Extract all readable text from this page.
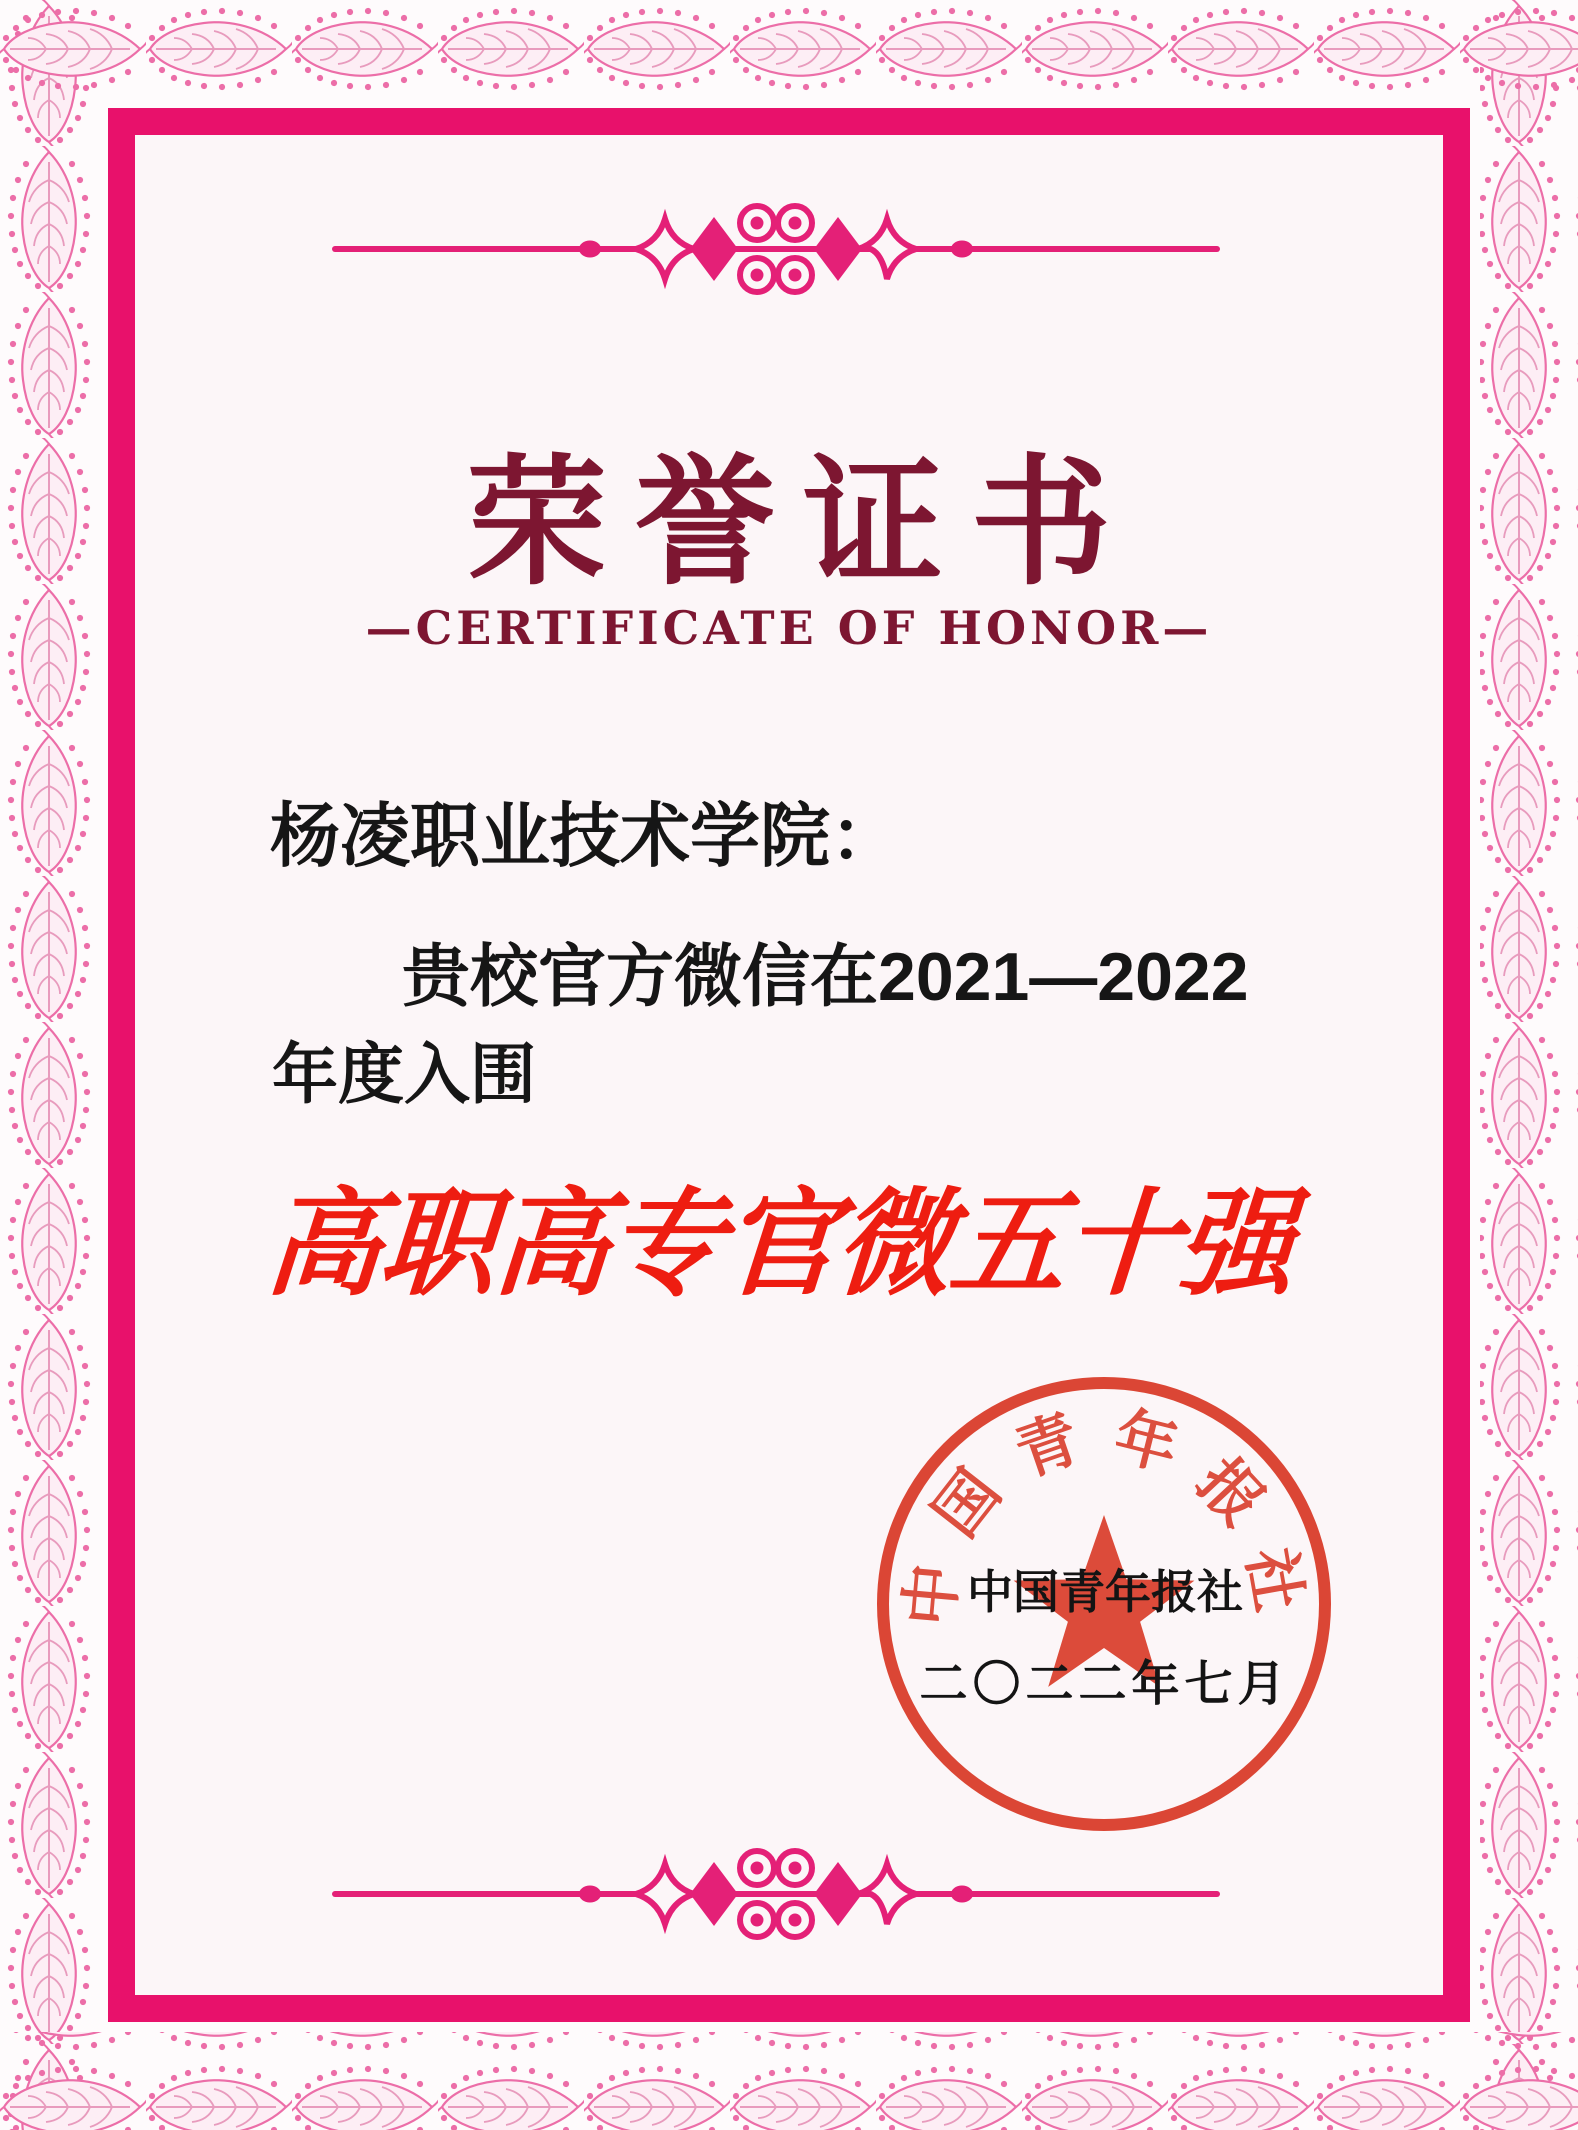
荣誉证书
—CERTIFICATE OF HONOR—
杨凌职业技术学院：
贵校官方微信在2021—2022
年度入围
高职高专官微五十强
中
国
青 年
报
社
中国青年报社
二〇二二年七月
